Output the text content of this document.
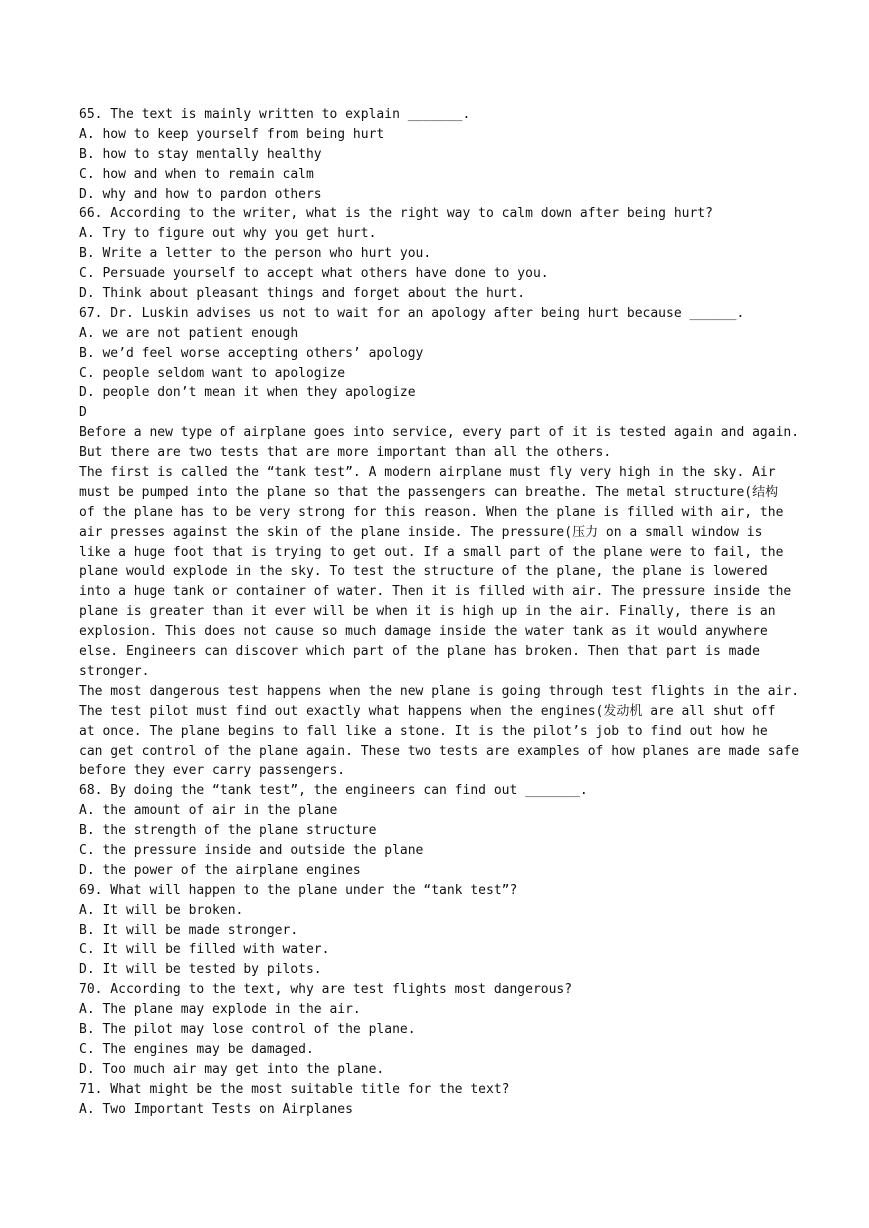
65. The text is mainly written to explain _______.
A. how to keep yourself from being hurt
B. how to stay mentally healthy
C. how and when to remain calm
D. why and how to pardon others
66. According to the writer, what is the right way to calm down after being hurt?
A. Try to figure out why you get hurt.
B. Write a letter to the person who hurt you.
C. Persuade yourself to accept what others have done to you.
D. Think about pleasant things and forget about the hurt.
67. Dr. Luskin advises us not to wait for an apology after being hurt because ______.
A. we are not patient enough
B. we’d feel worse accepting others’ apology
C. people seldom want to apologize
D. people don’t mean it when they apologize
D
Before a new type of airplane goes into service, every part of it is tested again and again.
But there are two tests that are more important than all the others.
The first is called the “tank test”. A modern airplane must fly very high in the sky. Air
must be pumped into the plane so that the passengers can breathe. The metal structure(结构
of the plane has to be very strong for this reason. When the plane is filled with air, the
air presses against the skin of the plane inside. The pressure(压力 on a small window is
like a huge foot that is trying to get out. If a small part of the plane were to fail, the
plane would explode in the sky. To test the structure of the plane, the plane is lowered
into a huge tank or container of water. Then it is filled with air. The pressure inside the
plane is greater than it ever will be when it is high up in the air. Finally, there is an
explosion. This does not cause so much damage inside the water tank as it would anywhere
else. Engineers can discover which part of the plane has broken. Then that part is made
stronger.
The most dangerous test happens when the new plane is going through test flights in the air.
The test pilot must find out exactly what happens when the engines(发动机 are all shut off
at once. The plane begins to fall like a stone. It is the pilot’s job to find out how he
can get control of the plane again. These two tests are examples of how planes are made safe
before they ever carry passengers.
68. By doing the “tank test”, the engineers can find out _______.
A. the amount of air in the plane
B. the strength of the plane structure
C. the pressure inside and outside the plane
D. the power of the airplane engines
69. What will happen to the plane under the “tank test”?
A. It will be broken.
B. It will be made stronger.
C. It will be filled with water.
D. It will be tested by pilots.
70. According to the text, why are test flights most dangerous?
A. The plane may explode in the air.
B. The pilot may lose control of the plane.
C. The engines may be damaged.
D. Too much air may get into the plane.
71. What might be the most suitable title for the text?
A. Two Important Tests on Airplanes
